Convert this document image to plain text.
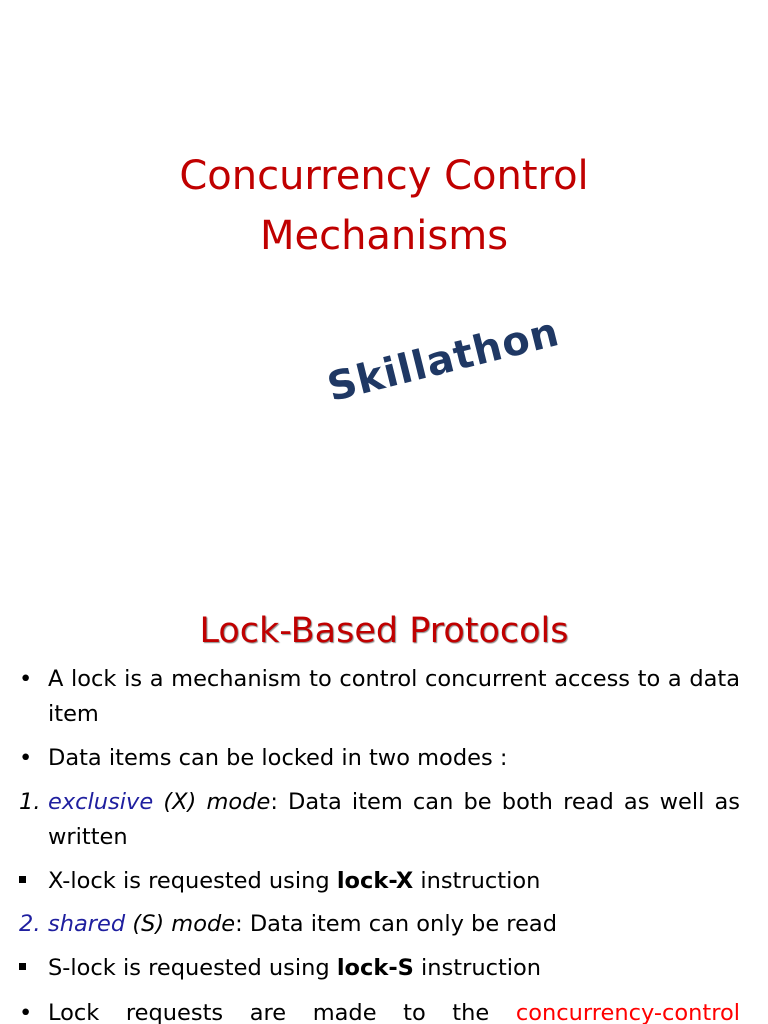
Concurrency Control
Mechanisms
Skillathon
Lock-Based Protocols
• A lock is a mechanism to control concurrent access to a data item
• Data items can be locked in two modes :
1. exclusive (X) mode: Data item can be both read as well as written
X-lock is requested using lock-X instruction
2. shared (S) mode: Data item can only be read
S-lock is requested using lock-S instruction
• Lock requests are made to the concurrency-control
